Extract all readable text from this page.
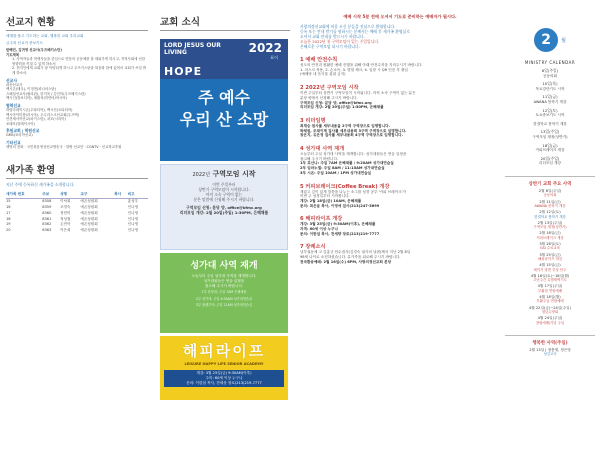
선교지 현황
세계를 품고 기도하는 교회, 행복한 교회 우리교회
금주의 선교지 중보기도
한해민, 김귀영 선교사(우즈베키스탄)
기도제목
1. 사역자들과 학생자들을 중심으로 믿음의 공동체를 잘 세워가게 하시고, 지역사회에 선한 영향력을 끼칠 수 있게 하소서
2. 현지인에게 교회가 잘 이양되게 하시고 우즈키스탄을 복음화 함에 있어서 교회가 쓰임 받게 하소서.
선교사
파송선교사
백시온(태국), 이정현(파나마스탄)
스페셜선교사(필리핀), 한지욱 / 김인미(우즈베키스탄)
백시인(캄보디아), 채환석(미얀마/아시아)
협력선교
허랍다데이시온(우타티아), 백시신(오타티아)
백시아이미충(러시아), 우수리스크선교회(우즈벡)
안전세사이단교(파키스탄), 치모(시리아)
조래모(말레이시아)
후원교회 | 학원선교
GMS(코리아선교)
기타선교
생명의 전화 · 국민복음영상선교방송국 · 말랑 선교단 · CGNTV · 선교학교후원
새가족 환영
지난 주에 등록하신 새가족을 소개합니다.
새가족 번호	주보	성명	교구	목사	비고
15	8358	이낙희	예존성원회		홍성우
16	8359	조경숙	예존성원회		인나영
17	8360	정현미	예존성원회		인나영
18	8361	정성철	예존성원회		인나영
19	8362	손민아	예존성원회		인나영
20	6363	이은희	예존성원회		인나영
교회 소식
LORD JESUS OUR LIVING
HOPE
2022
표어
주 예수
우리 산 소망
2022년 구역모임 시작
이번 주일부터
상반기 구역모임이 시작됩니다.
아직 소속 구역이 없는
분은 말씀에 신청해 주시기 바랍니다.
구역모임 신청: 분당 양, office@kfmc.org
리더모임 개강: 2월 20일(주일) 1:30PM, 은혜채플
성가대 사역 재개
오늘부터 주일 성가대 사역을 재개합니다.
성가대원들은 연습 일정을
참고해 주시기 바랍니다.
1부 찬양대: 주일 7AM 은혜채플
2부 성가대: 주일 9:30AM 성가대연습실
3부 할렐루야: 주일 11AM 성가대연습실
해피라이프
LEISURE HAPPY LIFE SENIOR ACADEMY
개강: 3월 25일(금) 9:30AM(이후)
주미: 60세 이상 누구나
문의: 이한섭 목사, 전세상 장로(213)219-7777
예배 시작 5분 전에 오셔서 기도로 준비하는 예배자가 됩시다.
사랑의정선교회에 처음 오신 분들을 진심으로 환영합니다.
등록 또는 안내 받기를 원하시는 분께서는 예배 후 새가족 환영실로
오셔서 교회 안내를 받으시기 바랍니다.
오늘은 2022년 첫 구역모임이 있는 주일입니다.
은혜로운 구역모임 되시기 바랍니다.
1 예배 안전수칙
성도의 안전과 원활한 예배 진행을 위해 아래 안전수칙을 지켜주시기 바랍니다.
1. 마스크 착용, 2. 손소독, 3. 발열 체크, 4. 입장 시 QR 인증 후 출입
(예배당 내 음식물 섭취 금지)
2 2022년 구역모임 시작
이번 주일부터 상반기 구역모임이 시작됩니다. 아직 소속 구역이 없는 분은
분당 양에서 신청해 주시기 바랍니다.
구역모임 신청: 분당 양, office@kfmc.org
리더모임 개강: 2월 20일(주일) 1:30PM, 은혜채플
3 리더임명
최재승 권사를 세부내용을 2구역 구역장으로 임명합니다.
박채원, 조채이제 집사를 세부내용회 3구역 구역장으로 임명합니다.
창은지, 유은정 집사를 세부내용회 4구역 구역장으로 임명합니다.
4 성가대 사역 재개
오늘부터 주일 성가대 사역을 재개합니다. 성가대원들은 연습 일정을
참고해 주시기 바랍니다.
1부 호산나: 주일 7AM 은혜채플 / 9:20AM 성가대연습실
2부 임마누엘: 주일 8AM / 11:15AM 성가대연습실
3부 시온: 주일 10AM / 1PM 성가대연습실
5 커피브레이크(Coffee Break) 개강
재밌고 깊이 있게 말씀을 나누는 소그룹 성경 공부 '커피 브레이크'가
이번 주 성경일부터 시작합니다.
개강: 2월 18일(금) 10AM, 은혜채플
문의: 최은윤 목사, 이영애 집사(213)247-5699
6 해피라이프 개강
개강: 3월 25일(금) 9:30AM(이후), 은혜채플
자격: 60세 이상 누구나
문의: 이한섭 목사, 전세량 장로(213)219-7777
7 장례소식
남부권동체 고 김홍규 안수집사(김경숙 권사의 남편)께서 지난 2월 8일
98세 나이로 소천하셨습니다. 유가족을 위로해 주시기 바랍니다.
천국환송예배: 2월 16일(수) 6PM, 사랑의정선교회 본당
2	월
MINISTRY CALENDAR
6일(주일)
공동의회
10일(목)
목요강단기도 시작
11일(금)
AWANA 봄학기 개강
12일(토)
토요중보기도 시작
한결학교 봄학기 개강
13일(주일)
구역모임 재정(상반기)
18일(금)
커피브레이크 개강
20일(주일)
리더모임 개강
상반기 교회 주요 사역
2월 6일(주일)
공동의회
2월 11일(금)
AWANA 봄학기 개강
2월 12일(토)
한결학교 봄학기 개강
2월 13일(주일)
구역모임 재정(상반기)
2월 18일(금)
커피브레이크 개강
3월 26일(토)
GSI 수료교육
3월 25일(금)
해피라이프 개강
4월 15일(금)
세이기 말씀 묵상 안주
4월 16일(토)~18일(월)
고난주간 특별새벽기도
4월 17일(주일)
부활절 연합예배
4월 18일(월)
부활주일 연합예배
4월 22일(금)~24일(주일)
청년수양회
4월 24일(주일)
창립예배/기념 주일
행복한 사역(주일)
2월 13일 | 정충재, 정은영
성김고사
